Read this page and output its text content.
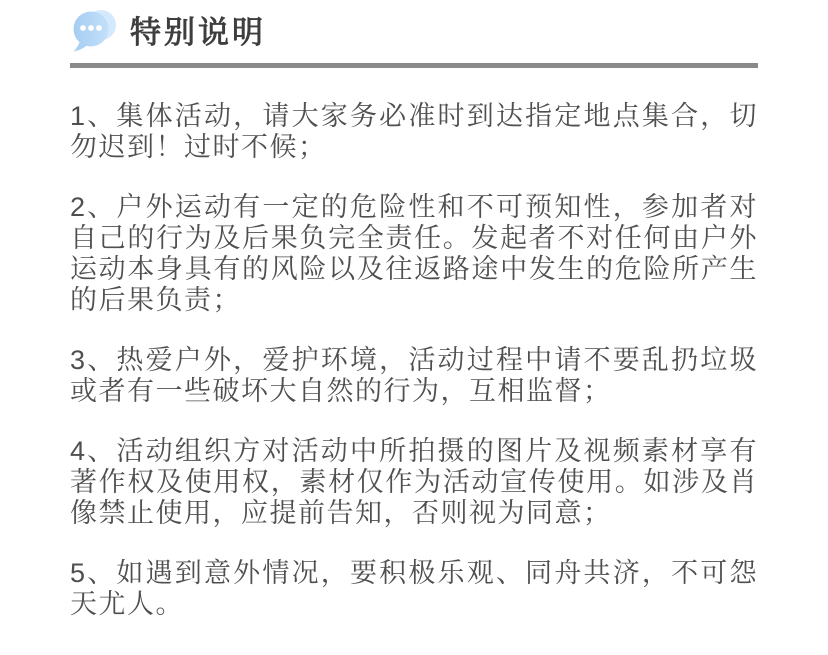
特别说明

1、集体活动，请大家务必准时到达指定地点集合，切勿迟到！过时不候；

2、户外运动有一定的危险性和不可预知性，参加者对自己的行为及后果负完全责任。发起者不对任何由户外运动本身具有的风险以及往返路途中发生的危险所产生的后果负责；

3、热爱户外，爱护环境，活动过程中请不要乱扔垃圾或者有一些破坏大自然的行为，互相监督；

4、活动组织方对活动中所拍摄的图片及视频素材享有著作权及使用权，素材仅作为活动宣传使用。如涉及肖像禁止使用，应提前告知，否则视为同意；

5、如遇到意外情况，要积极乐观、同舟共济，不可怨天尤人。
